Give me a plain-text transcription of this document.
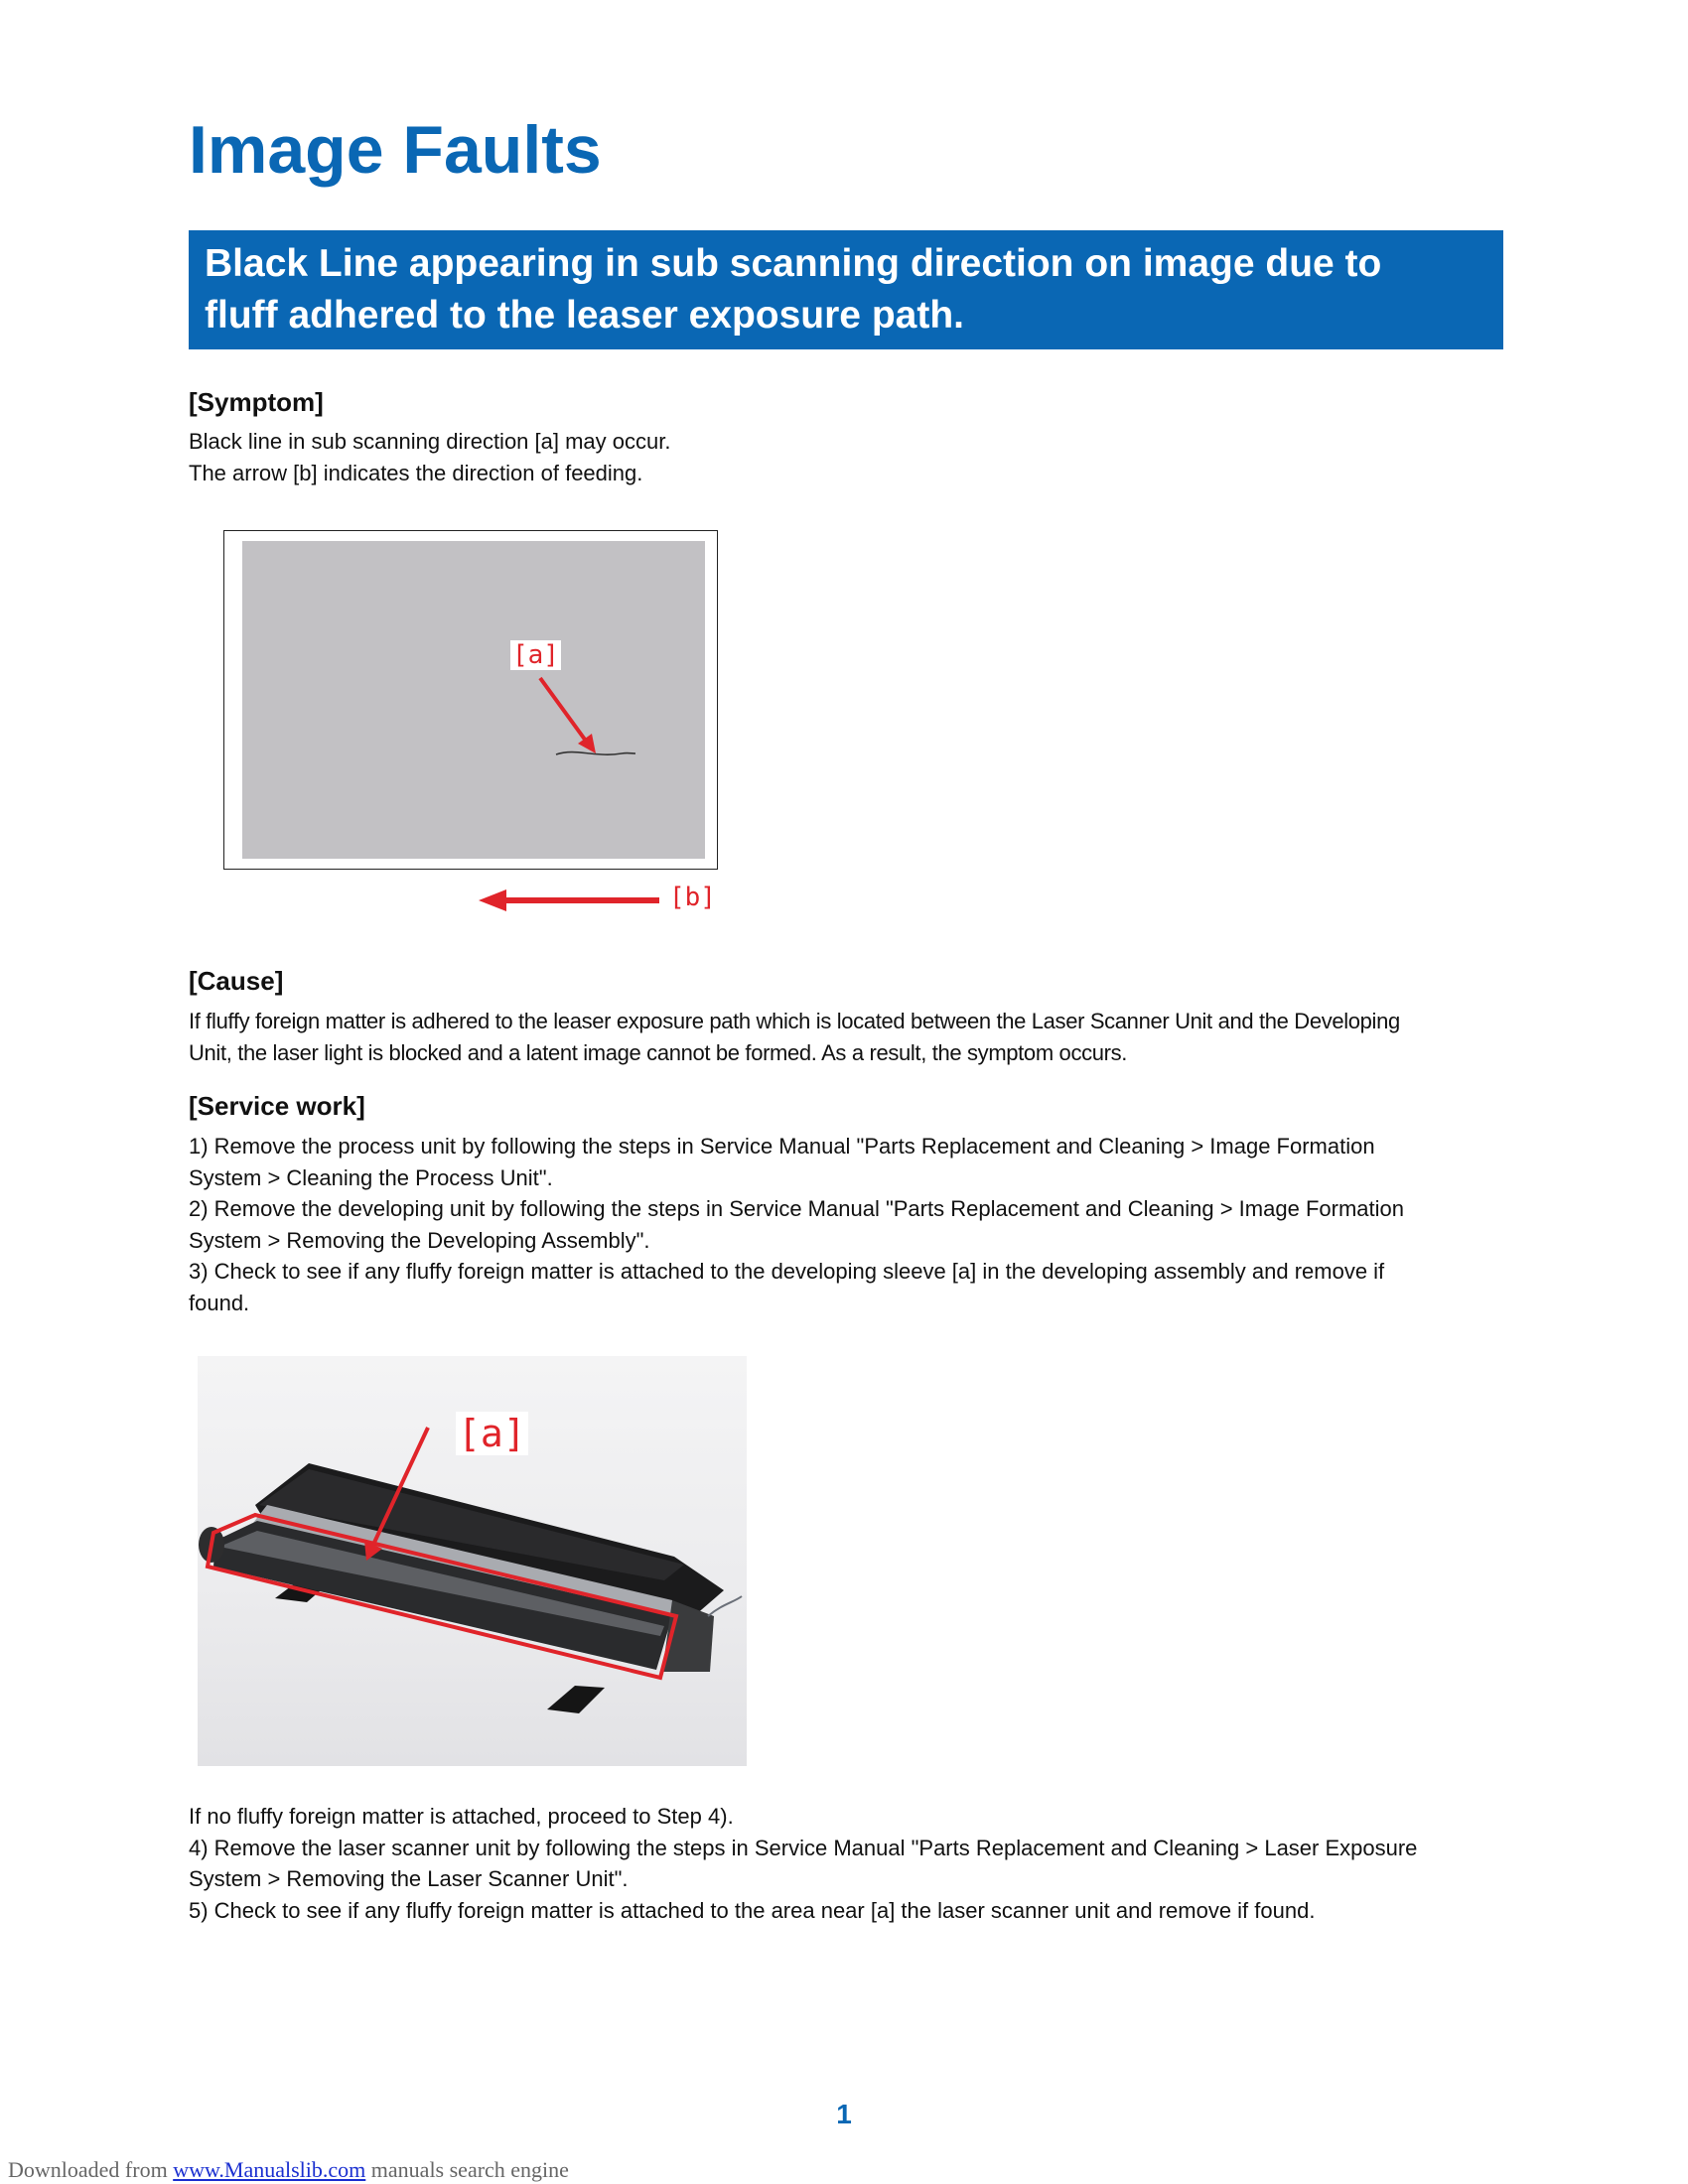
Image Faults
Black Line appearing in sub scanning direction on image due to
fluff adhered to the leaser exposure path.
[Symptom]
Black line in sub scanning direction [a] may occur.
The arrow [b] indicates the direction of feeding.
[a]
[b]
[Cause]
If fluffy foreign matter is adhered to the leaser exposure path which is located between the Laser Scanner Unit and the Developing
Unit, the laser light is blocked and a latent image cannot be formed. As a result, the symptom occurs.
[Service work]
1) Remove the process unit by following the steps in Service Manual "Parts Replacement and Cleaning > Image Formation
System > Cleaning the Process Unit".
2) Remove the developing unit by following the steps in Service Manual "Parts Replacement and Cleaning > Image Formation
System > Removing the Developing Assembly".
3) Check to see if any fluffy foreign matter is attached to the developing sleeve [a] in the developing assembly and remove if
found.
[a]
If no fluffy foreign matter is attached, proceed to Step 4).
4) Remove the laser scanner unit by following the steps in Service Manual "Parts Replacement and Cleaning > Laser Exposure
System > Removing the Laser Scanner Unit".
5) Check to see if any fluffy foreign matter is attached to the area near [a] the laser scanner unit and remove if found.
1
Downloaded from www.Manualslib.com manuals search engine
